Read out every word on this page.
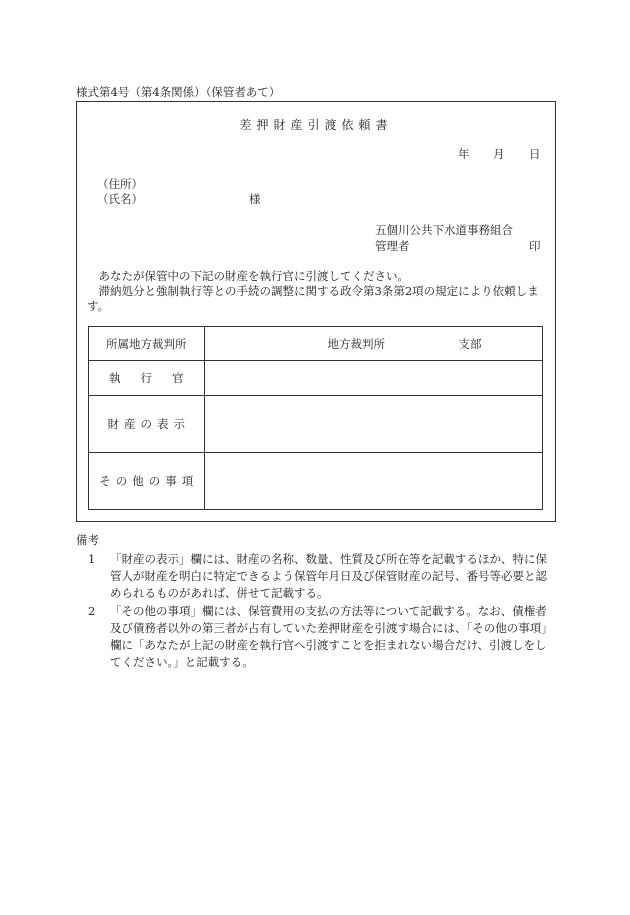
様式第4号（第4条関係）（保管者あて）
差押財産引渡依頼書
年 月 日
（住所）
（氏名）	様
五個川公共下水道事務組合
管理者	印

あなたが保管中の下記の財産を執行官に引渡してください。

滞納処分と強制執行等との手続の調整に関する政令第3条第2項の規定により依頼します。

所属地方裁判所	地方裁判所 支部

執行官	
財産の表示	
その他の事項	
備考
1	「財産の表示」欄には、財産の名称、数量、性質及び所在等を記載するほか、特に保管人が財産を明白に特定できるよう保管年月日及び保管財産の記号、番号等必要と認められるものがあれば、併せて記載する。
2	「その他の事項」欄には、保管費用の支払の方法等について記載する。なお、債権者及び債務者以外の第三者が占有していた差押財産を引渡す場合には、「その他の事項」欄に「あなたが上記の財産を執行官へ引渡すことを拒まれない場合だけ、引渡しをしてください。」と記載する。
